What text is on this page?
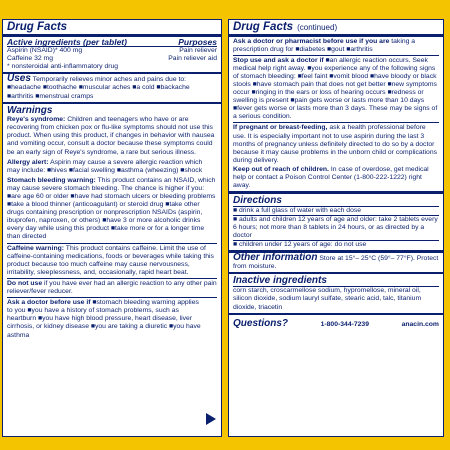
Drug Facts
Active ingredients (per tablet)	Purposes
Aspirin (NSAID)* 400 mg	Pain reliever
Caffeine 32 mg	Pain reliever aid
* nonsteroidal anti-inflammatory drug
Uses Temporarily relieves minor aches and pains due to: ■headache ■toothache ■muscular aches ■a cold ■backache ■arthritis ■menstrual cramps
Warnings
Reye's syndrome: Children and teenagers who have or are recovering from chicken pox or flu-like symptoms should not use this product. When using this product, if changes in behavior with nausea and vomiting occur, consult a doctor because these symptoms could be an early sign of Reye's syndrome, a rare but serious illness.
Allergy alert: Aspirin may cause a severe allergic reaction which may include: ■hives ■facial swelling ■asthma (wheezing) ■shock
Stomach bleeding warning: This product contains an NSAID, which may cause severe stomach bleeding. The chance is higher if you: ■are age 60 or older ■have had stomach ulcers or bleeding problems ■take a blood thinner (anticoagulant) or steroid drug ■take other drugs containing prescription or nonprescription NSAIDs (aspirin, ibuprofen, naproxen, or others) ■have 3 or more alcoholic drinks every day while using this product ■take more or for a longer time than directed
Caffeine warning: This product contains caffeine. Limit the use of caffeine-containing medications, foods or beverages while taking this product because too much caffeine may cause nervousness, irritability, sleeplessness, and, occasionally, rapid heart beat.
Do not use if you have ever had an allergic reaction to any other pain reliever/fever reducer.
Ask a doctor before use if ■stomach bleeding warning applies to you ■you have a history of stomach problems, such as heartburn ■you have high blood pressure, heart disease, liver cirrhosis, or kidney disease ■you are taking a diuretic ■you have asthma
Drug Facts (continued)
Ask a doctor or pharmacist before use if you are taking a prescription drug for ■diabetes ■gout ■arthritis
Stop use and ask a doctor if ■an allergic reaction occurs. Seek medical help right away. ■you experience any of the following signs of stomach bleeding: ■feel faint ■vomit blood ■have bloody or black stools ■have stomach pain that does not get better ■new symptoms occur ■ringing in the ears or loss of hearing occurs ■redness or swelling is present ■pain gets worse or lasts more than 10 days ■fever gets worse or lasts more than 3 days. These may be signs of a serious condition.
If pregnant or breast-feeding, ask a health professional before use. It is especially important not to use aspirin during the last 3 months of pregnancy unless definitely directed to do so by a doctor because it may cause problems in the unborn child or complications during delivery.
Keep out of reach of children. In case of overdose, get medical help or contact a Poison Control Center (1-800-222-1222) right away.
Directions
■ drink a full glass of water with each dose
■ adults and children 12 years of age and older: take 2 tablets every 6 hours; not more than 8 tablets in 24 hours, or as directed by a doctor
■ children under 12 years of age: do not use
Other information Store at 15°– 25°C (59°– 77°F). Protect from moisture.
Inactive ingredients
corn starch, croscarmellose sodium, hypromellose, mineral oil, silicon dioxide, sodium lauryl sulfate, stearic acid, talc, titanium dioxide, triacetin
Questions?	1-800-344-7239	anacin.com
